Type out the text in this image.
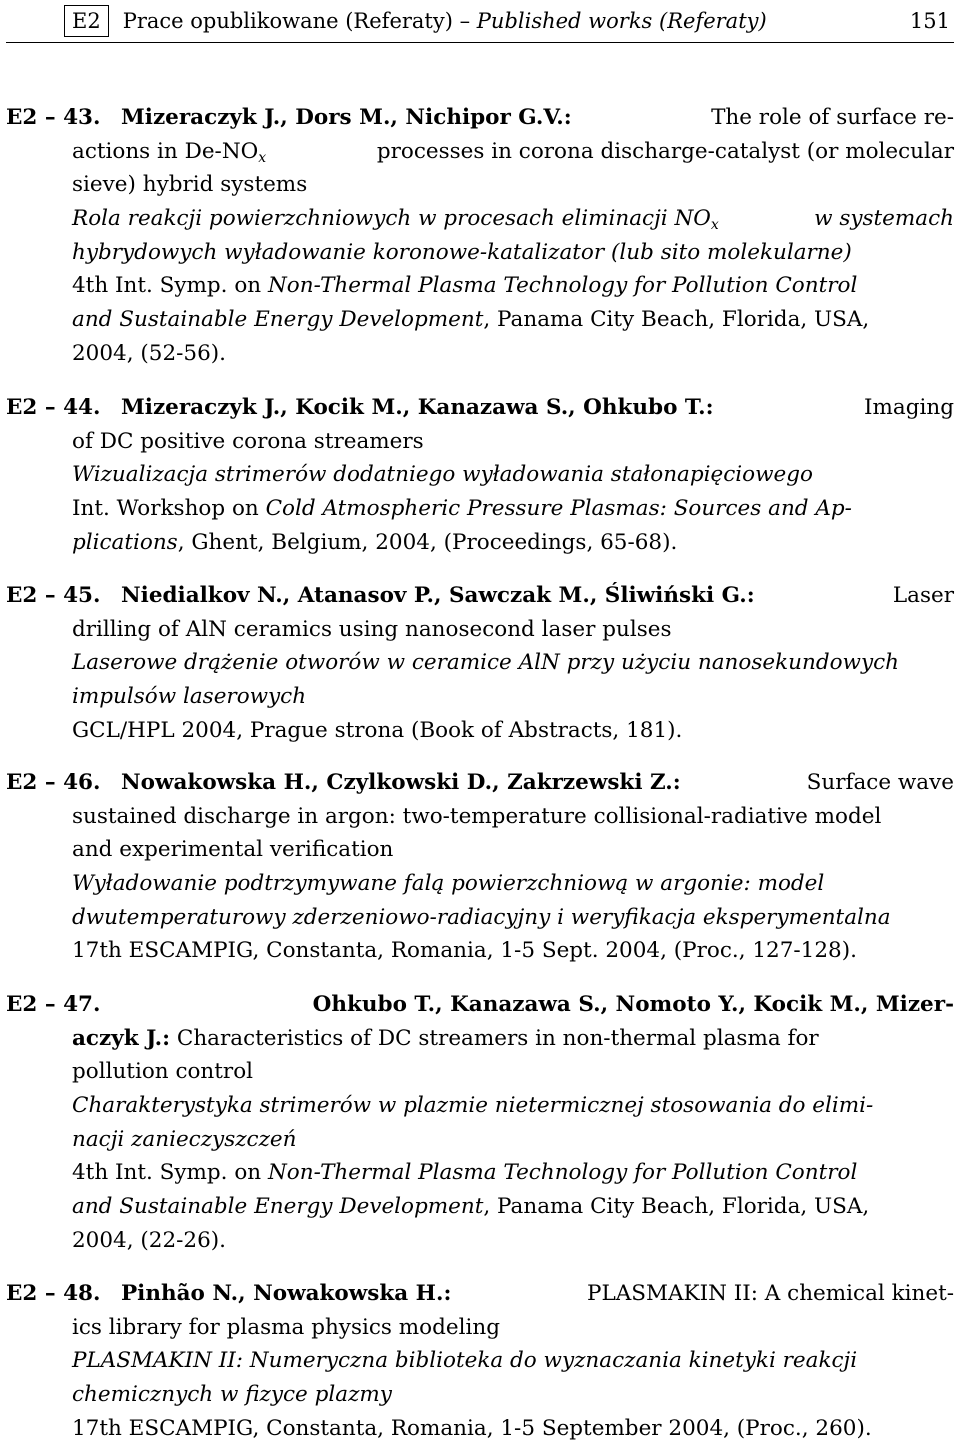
E2	Prace opublikowane (Referaty) – Published works (Referaty)	151
E2 – 43. Mizeraczyk J., Dors M., Nichipor G.V.:	The role of surface re-
actions in $De-NO_x$	processes in corona discharge-catalyst (or molecular
sieve) hybrid systems
Rola reakcji powierzchniowych w procesach eliminacji $NO_x$	w systemach
hybrydowych wyładowanie koronowe-katalizator (lub sito molekularne)
4th Int. Symp. on Non-Thermal Plasma Technology for Pollution Control
and Sustainable Energy Development, Panama City Beach, Florida, USA,
2004, (52-56).
E2 – 44. Mizeraczyk J., Kocik M., Kanazawa S., Ohkubo T.:	Imaging
of DC positive corona streamers
Wizualizacja strimerów dodatniego wyładowania stałonapięciowego
Int. Workshop on Cold Atmospheric Pressure Plasmas: Sources and Ap-
plications, Ghent, Belgium, 2004, (Proceedings, 65-68).
E2 – 45. Niedialkov N., Atanasov P., Sawczak M., Śliwiński G.:	Laser
drilling of AlN ceramics using nanosecond laser pulses
Laserowe drążenie otworów w ceramice AlN przy użyciu nanosekundowych
impulsów laserowych
GCL/HPL 2004, Prague strona (Book of Abstracts, 181).
E2 – 46. Nowakowska H., Czylkowski D., Zakrzewski Z.:	Surface wave
sustained discharge in argon: two-temperature collisional-radiative model
and experimental verification
Wyładowanie podtrzymywane falą powierzchniową w argonie: model
dwutemperaturowy zderzeniowo-radiacyjny i weryfikacja eksperymentalna
17th ESCAMPIG, Constanta, Romania, 1-5 Sept. 2004, (Proc., 127-128).
E2 – 47.	Ohkubo T., Kanazawa S., Nomoto Y., Kocik M., Mizer-
aczyk J.: Characteristics of DC streamers in non-thermal plasma for
pollution control
Charakterystyka strimerów w plazmie nietermicznej stosowania do elimi-
nacji zanieczyszczeń
4th Int. Symp. on Non-Thermal Plasma Technology for Pollution Control
and Sustainable Energy Development, Panama City Beach, Florida, USA,
2004, (22-26).
E2 – 48. Pinhão N., Nowakowska H.:	PLASMAKIN II: A chemical kinet-
ics library for plasma physics modeling
PLASMAKIN II: Numeryczna biblioteka do wyznaczania kinetyki reakcji
chemicznych w fizyce plazmy
17th ESCAMPIG, Constanta, Romania, 1-5 September 2004, (Proc., 260).
